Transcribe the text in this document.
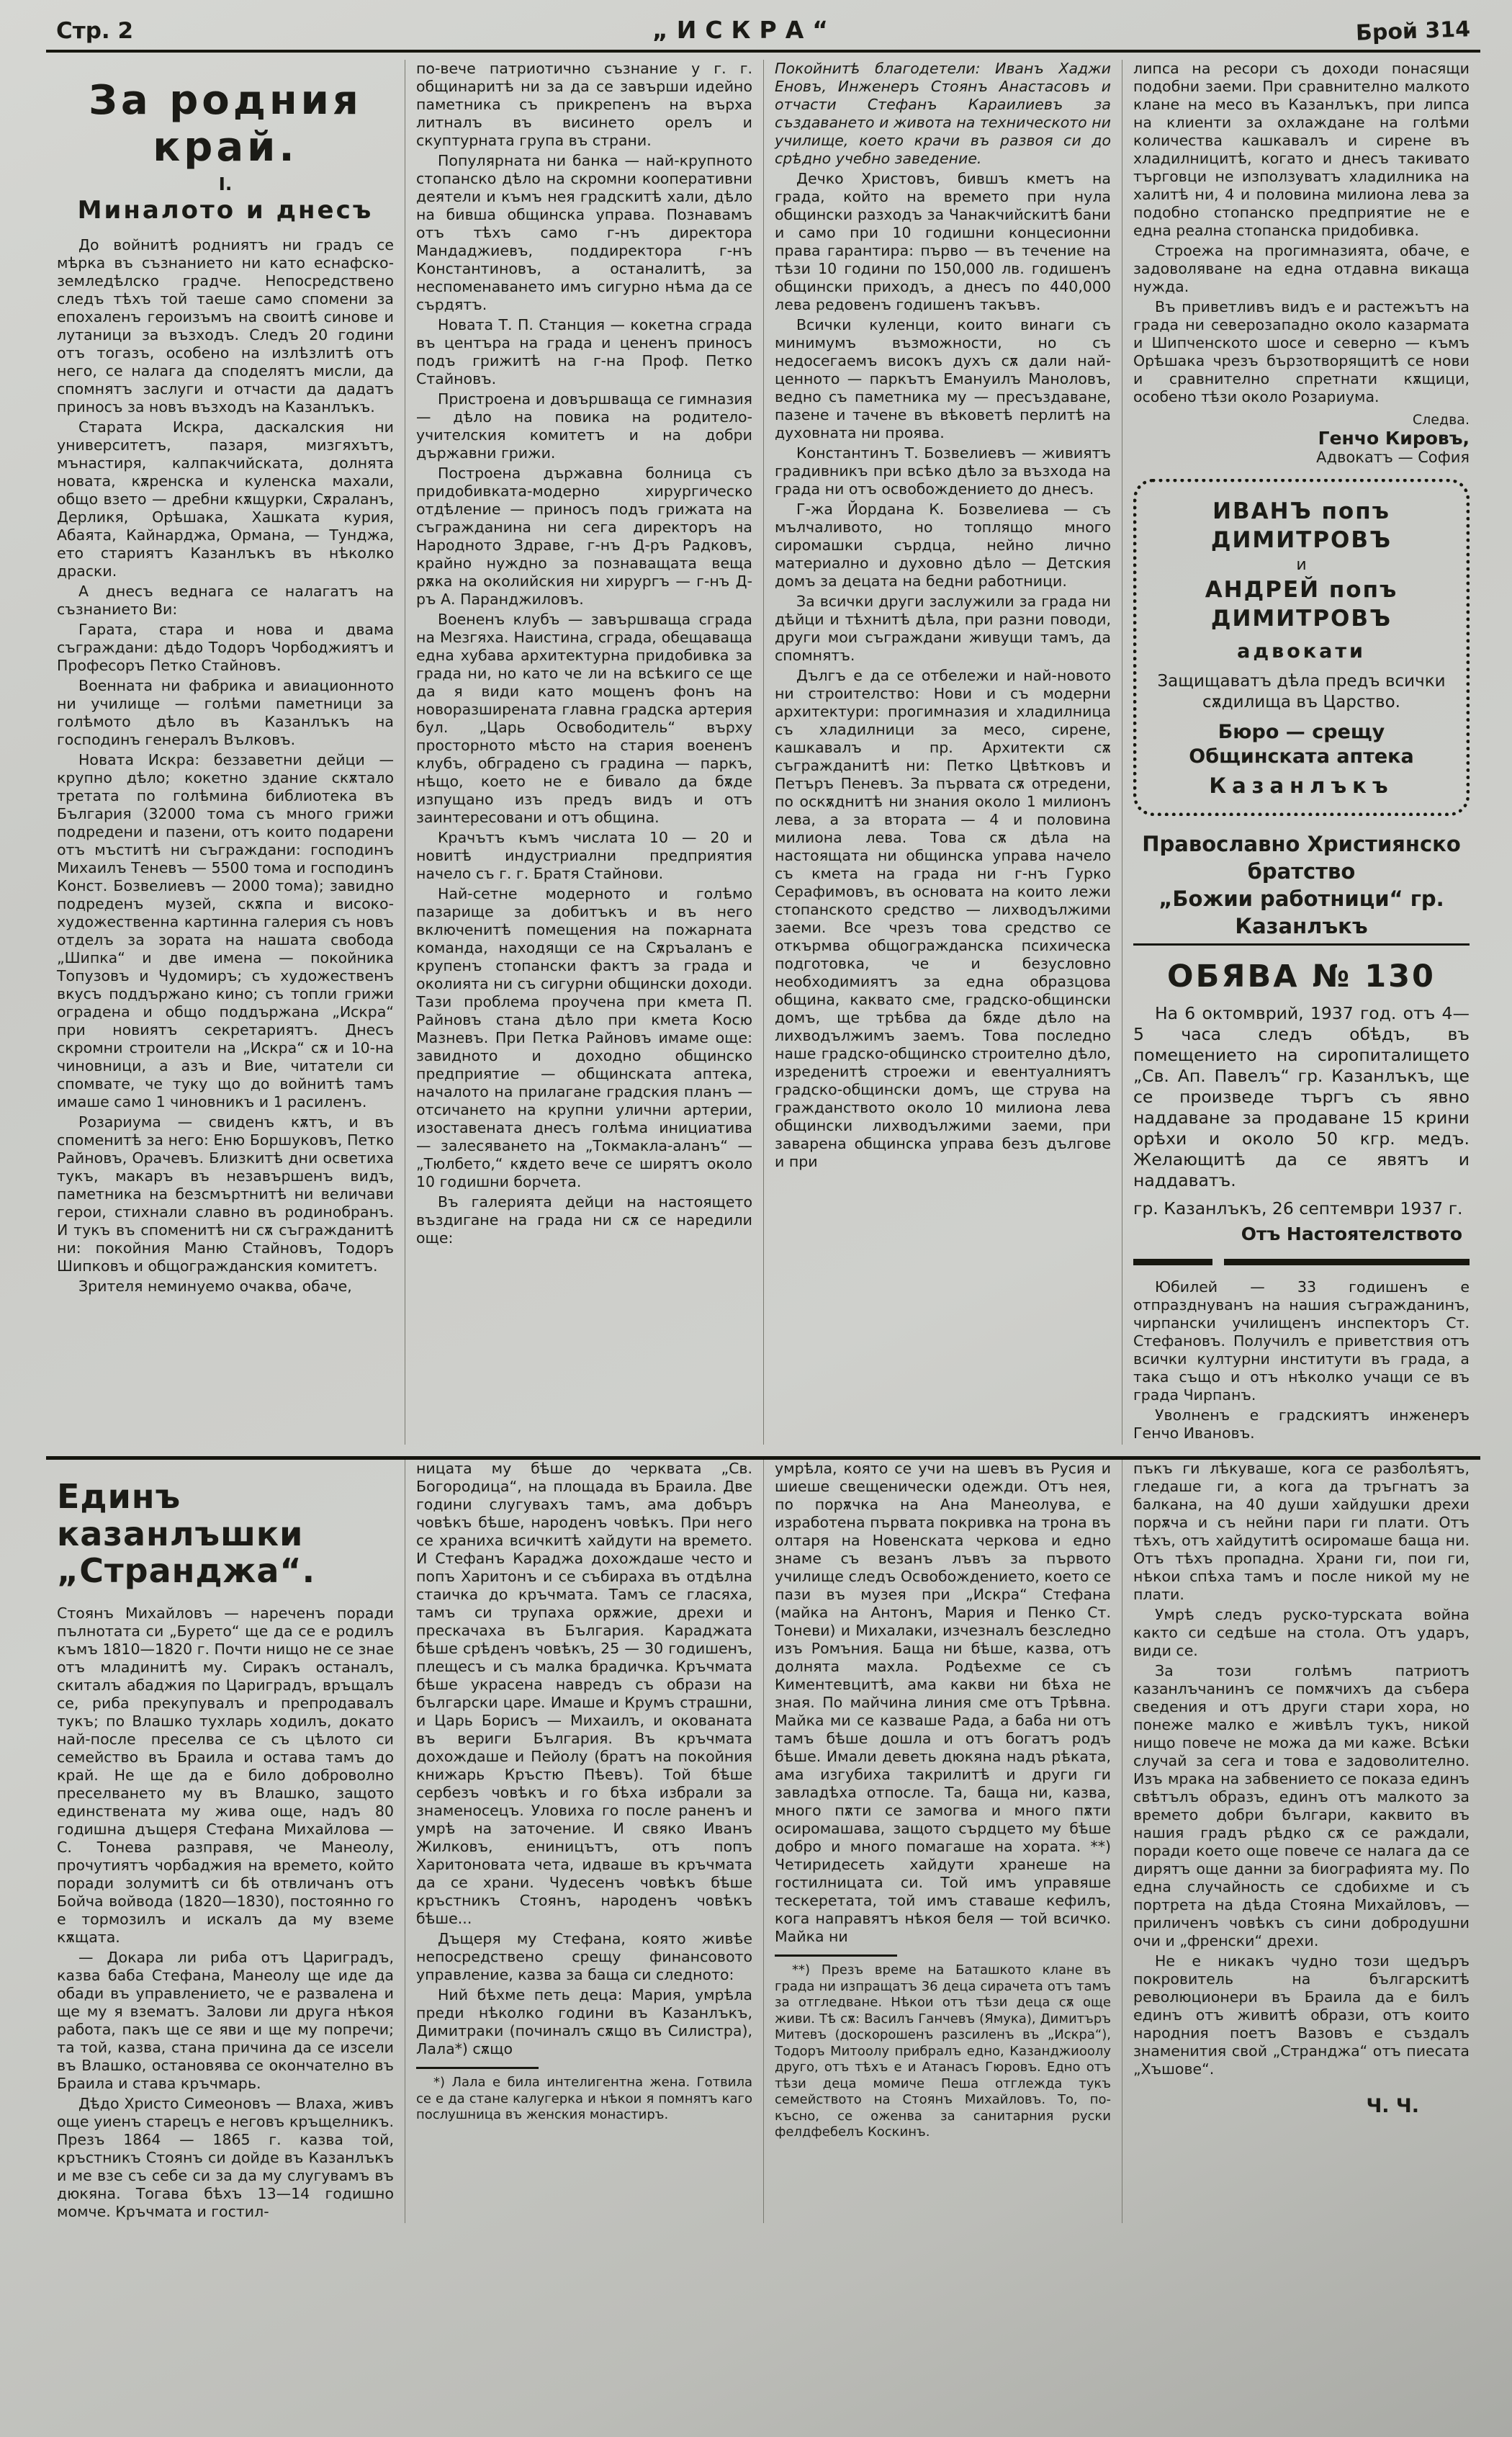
Стр. 2	„ИСКРА“	Брой 314
За родния край.
I.
Миналото и днесъ

До войнитѣ родниятъ ни градъ се мѣрка въ съзнанието ни като еснафско-земледѣлско градче. Непосредствено следъ тѣхъ той таеше само спомени за епохаленъ героизъмъ на своитѣ синове и лутаници за възходъ. Следъ 20 години отъ тогазъ, особено на излѣзлитѣ отъ него, се налага да споделятъ мисли, да спомнятъ заслуги и отчасти да дадатъ приносъ за новъ възходъ на Казанлъкъ.

Старата Искра, даскалския ни университетъ, пазаря, мизгяхътъ, мънастиря, калпакчийската, долнята новата, кѫренска и куленска махали, общо взето — дребни кѫщурки, Сѫраланъ, Дерликя, Орѣшака, Хашката курия, Абаята, Кайнарджа, Ормана, — Тунджа, ето стариятъ Казанлъкъ въ нѣколко драски.

А днесъ веднага се налагатъ на съзнанието Ви:

Гарата, стара и нова и двама съграждани: дѣдо Тодоръ Чорбоджиятъ и Професоръ Петко Стайновъ.

Военната ни фабрика и авиационното ни училище — голѣми паметници за голѣмото дѣло въ Казанлъкъ на господинъ генералъ Вълковъ.

Новата Искра: беззаветни дейци — крупно дѣло; кокетно здание скѫтало третата по голѣмина библиотека въ България (32000 тома съ много грижи подредени и пазени, отъ които подарени отъ мъститѣ ни съграждани: господинъ Михаилъ Теневъ — 5500 тома и господинъ Конст. Бозвелиевъ — 2000 тома); завидно подреденъ музей, скѫпа и високо-художественна картинна галерия съ новъ отделъ за зората на нашата свобода „Шипка“ и две имена — покойника Топузовъ и Чудомиръ; съ художественъ вкусъ поддържано кино; съ топли грижи оградена и общо поддържана „Искра“ при новиятъ секретариятъ. Днесъ скромни строители на „Искра“ сѫ и 10-на чиновници, а азъ и Вие, читатели си спомвате, че туку що до войнитѣ тамъ имаше само 1 чиновникъ и 1 расиленъ.

Розариума — свиденъ кѫтъ, и въ споменитѣ за него: Еню Боршуковъ, Петко Райновъ, Орачевъ. Близкитѣ дни осветиха тукъ, макаръ въ незавършенъ видъ, паметника на безсмъртнитѣ ни величави герои, стихнали славно въ родинобранъ. И тукъ въ споменитѣ ни сѫ съгражданитѣ ни: покойния Маню Стайновъ, Тодоръ Шипковъ и общогражданския комитетъ.

Зрителя неминуемо очаква, обаче,

по-вече патриотично съзнание у г. г. общинаритѣ ни за да се завърши идейно паметника съ прикрепенъ на върха литналъ въ висинето орелъ и скуптурната група въ страни.

Популярната ни банка — най-крупното стопанско дѣло на скромни кооперативни деятели и къмъ нея градскитѣ хали, дѣло на бивша общинска управа. Познавамъ отъ тѣхъ само г-нъ директора Мандаджиевъ, поддиректора г-нъ Константиновъ, а останалитѣ, за неспоменаването имъ сигурно нѣма да се сърдятъ.

Новата Т. П. Станция — кокетна сграда въ центъра на града и цененъ приносъ подъ грижитѣ на г-на Проф. Петко Стайновъ.

Пристроена и довършваща се гимназия — дѣло на повика на родитело-учителския комитетъ и на добри държавни грижи.

Построена държавна болница съ придобивката-модерно хирургическо отдѣление — приносъ подъ грижата на съгражданина ни сега директоръ на Народното Здраве, г-нъ Д-ръ Радковъ, крайно нуждно за познаващата веща рѫка на околийския ни хирургъ — г-нъ Д-ръ А. Паранджиловъ.

Воененъ клубъ — завършваща сграда на Мезгяха. Наистина, сграда, обещаваща една хубава архитектурна придобивка за града ни, но като че ли на всѣкиго се ще да я види като мощенъ фонъ на новоразширената главна градска артерия бул. „Царь Освободитель“ върху просторното мѣсто на стария воененъ клубъ, обградено съ градина — паркъ, нѣщо, което не е бивало да бѫде изпущано изъ предъ видъ и отъ заинтересовани и отъ община.

Крачътъ къмъ числата 10 — 20 и новитѣ индустриални предприятия начело съ г. г. Братя Стайнови.

Най-сетне модерното и голѣмо пазарище за добитъкъ и въ него включенитѣ помещения на пожарната команда, находящи се на Сѫръаланъ е крупенъ стопански фактъ за града и околията ни съ сигурни общински доходи. Тази проблема проучена при кмета П. Райновъ стана дѣло при кмета Косю Мазневъ. При Петка Райновъ имаме още: завидното и доходно общинско предприятие — общинската аптека, началото на прилагане градския планъ — отсичането на крупни улични артерии, изоставената днесъ голѣма инициатива — залесяването на „Токмакла-аланъ“ — „Тюлбето,“ кѫдето вече се ширятъ около 10 годишни борчета.

Въ галерията дейци на настоящето въздигане на града ни сѫ се наредили още:

Покойнитѣ благодетели: Иванъ Хаджи Еновъ, Инженеръ Стоянъ Анастасовъ и отчасти Стефанъ Караилиевъ за създаването и живота на техническото ни училище, което крачи въ развоя си до срѣдно учебно заведение.

Дечко Христовъ, бившъ кметъ на града, който на времето при нула общински разходъ за Чанакчийскитѣ бани и само при 10 годишни концесионни права гарантира: първо — въ течение на тѣзи 10 години по 150,000 лв. годишенъ общински приходъ, а днесъ по 440,000 лева редовенъ годишенъ такъвъ.

Всички куленци, които винаги съ минимумъ възможности, но съ недосегаемъ високъ духъ сѫ дали най-ценното — паркътъ Емануилъ Маноловъ, ведно съ паметника му — пресъздаване, пазене и тачене въ вѣковетѣ перлитѣ на духовната ни проява.

Константинъ Т. Бозвелиевъ — живиятъ градивникъ при всѣко дѣло за възхода на града ни отъ освобождението до днесъ.

Г-жа Йордана К. Бозвелиева — съ мълчаливото, но топлящо много сиромашки сърдца, нейно лично материално и духовно дѣло — Детския домъ за децата на бедни работници.

За всички други заслужили за града ни дѣйци и тѣхнитѣ дѣла, при разни поводи, други мои съграждани живущи тамъ, да спомнятъ.

Дългъ е да се отбележи и най-новото ни строителство: Нови и съ модерни архитектури: прогимназия и хладилница съ хладилници за месо, сирене, кашкавалъ и пр. Архитекти сѫ съгражданитѣ ни: Петко Цвѣтковъ и Петъръ Пеневъ. За първата сѫ отредени, по оскѫднитѣ ни знания около 1 милионъ лева, а за втората — 4 и половина милиона лева. Това сѫ дѣла на настоящата ни общинска управа начело съ кмета на града ни г-нъ Гурко Серафимовъ, въ основата на които лежи стопанското средство — лихводължими заеми. Все чрезъ това средство се откърмва общогражданска психическа подготовка, че и безусловно необходимиятъ за една образцова община, каквато сме, градско-общински домъ, ще трѣбва да бѫде дѣло на лихводължимъ заемъ. Това последно наше градско-общинско строително дѣло, изреденитѣ строежи и евентуалниятъ градско-общински домъ, ще струва на гражданството около 10 милиона лева общински лихводължими заеми, при заварена общинска управа безъ дългове и при

липса на ресори съ доходи понасящи подобни заеми. При сравнително малкото клане на месо въ Казанлъкъ, при липса на клиенти за охлаждане на голѣми количества кашкавалъ и сирене въ хладилницитѣ, когато и днесъ такивато търговци не използуватъ хладилника на халитѣ ни, 4 и половина милиона лева за подобно стопанско предприятие не е една реална стопанска придобивка.

Строежа на прогимназията, обаче, е задоволяване на една отдавна викаща нужда.

Въ приветливъ видъ е и растежътъ на града ни северозападно около казармата и Шипченското шосе и северно — къмъ Орѣшака чрезъ бързотворящитѣ се нови и сравнително спретнати кѫщици, особено тѣзи около Розариума.

Следва.

Генчо Кировъ,

Адвокатъ — София

ИВАНЪ попъ ДИМИТРОВЪ
и
АНДРЕЙ попъ ДИМИТРОВЪ
адвокати
Защищаватъ дѣла предъ всички сѫдилища въ Царство.
Бюро — срещу Общинската аптека
Казанлъкъ
Православно Християнско братство
„Божии работници“ гр. Казанлъкъ
ОБЯВА № 130

На 6 октомврий, 1937 год. отъ 4—5 часа следъ обѣдъ, въ помещението на сиропиталището „Св. Ап. Павелъ“ гр. Казанлъкъ, ще се произведе търгъ съ явно наддаване за продаване 15 крини орѣхи и около 50 кгр. медъ. Желающитѣ да се явятъ и наддаватъ.

гр. Казанлъкъ, 26 септември 1937 г.

Отъ Настоятелството

Юбилей — 33 годишенъ е отпразднуванъ на нашия съгражданинъ, чирпански училищенъ инспекторъ Ст. Стефановъ. Получилъ е приветствия отъ всички културни институти въ града, а така също и отъ нѣколко учащи се въ града Чирпанъ.

Уволненъ е градскиятъ инженеръ Генчо Ивановъ.

Единъ казанлъшки
„Странджа“.

Стоянъ Михайловъ — нареченъ поради пълнотата си „Бурето“ ще да се е родилъ къмъ 1810—1820 г. Почти нищо не се знае отъ младинитѣ му. Сиракъ останалъ, скиталъ абаджия по Цариградъ, връщалъ се, риба прекупувалъ и препродавалъ тукъ; по Влашко тухларь ходилъ, докато най-после преселва се съ цѣлото си семейство въ Браила и остава тамъ до край. Не ще да е било доброволно преселването му въ Влашко, защото единствената му жива още, надъ 80 годишна дъщеря Стефана Михайлова — С. Тонева разправя, че Манеолу, прочутиятъ чорбаджия на времето, който поради золумитѣ си бѣ отвличанъ отъ Бойча войвода (1820—1830), постоянно го е тормозилъ и искалъ да му вземе кѫщата.

— Докара ли риба отъ Цариградъ, казва баба Стефана, Манеолу ще иде да обади въ управлението, че е развалена и ще му я взематъ. Залови ли друга нѣкоя работа, пакъ ще се яви и ще му попречи; та той, казва, стана причина да се изсели въ Влашко, остановява се окончателно въ Браила и става кръчмарь.

Дѣдо Христо Симеоновъ — Влаха, живъ още уиенъ старецъ е неговъ кръщелникъ. Презъ 1864 — 1865 г. казва той, кръстникъ Стоянъ си дойде въ Казанлъкъ и ме взе съ себе си за да му слугувамъ въ дюкяна. Тогава бѣхъ 13—14 годишно момче. Кръчмата и гостил-

ницата му бѣше до черквата „Св. Богородица“, на площада въ Браила. Две години слугувахъ тамъ, ама добъръ човѣкъ бѣше, народенъ човѣкъ. При него се храниха всичкитѣ хайдути на времето. И Стефанъ Караджа дохождаше често и попъ Харитонъ и се събираха въ отдѣлна стаичка до кръчмата. Тамъ се гласяха, тамъ си трупаха орѫжие, дрехи и прескачаха въ България. Караджата бѣше срѣденъ човѣкъ, 25 — 30 годишенъ, плещесъ и съ малка брадичка. Кръчмата бѣше украсена навредъ съ образи на български царе. Имаше и Крумъ страшни, и Царь Борисъ — Михаилъ, и окованата въ вериги България. Въ кръчмата дохождаше и Пейолу (братъ на покойния книжарь Кръстю Пѣевъ). Той бѣше сербезъ човѣкъ и го бѣха избрали за знаменосецъ. Уловиха го после раненъ и умрѣ на заточение. И свяко Иванъ Жилковъ, ениницътъ, отъ попъ Харитоновата чета, идваше въ кръчмата да се храни. Чудесенъ човѣкъ бѣше кръстникъ Стоянъ, народенъ човѣкъ бѣше...

Дъщеря му Стефана, която живѣе непосредствено срещу финансовото управление, казва за баща си следното:

Ний бѣхме петь деца: Мария, умрѣла преди нѣколко години въ Казанлъкъ, Димитраки (починалъ сѫщо въ Силистра), Лала*) сѫщо

*) Лала е била интелигентна жена. Готвила се е да стане калугерка и нѣкои я помнятъ каго послушница въ женския монастиръ.

умрѣла, която се учи на шевъ въ Русия и шиеше свещенически одежди. Отъ нея, по порѫчка на Ана Манеолува, е изработена първата покривка на трона въ олтаря на Новенската черкова и едно знаме съ везанъ лъвъ за първото училище следъ Освобождението, което се пази въ музея при „Искра“ Стефана (майка на Антонъ, Мария и Пенко Ст. Тоневи) и Михалаки, изчезналъ безследно изъ Ромъния. Баща ни бѣше, казва, отъ долнята махла. Родѣехме се съ Киментевцитѣ, ама какви ни бѣха не зная. По майчина линия сме отъ Трѣвна. Майка ми се казваше Рада, а баба ни отъ тамъ бѣше дошла и отъ богатъ родъ бѣше. Имали деветь дюкяна надъ рѣката, ама изгубиха такрилитѣ и други ги завладѣха отпосле. Та, баща ни, казва, много пѫти се замогва и много пѫти осиромашава, защото сърдцето му бѣше добро и много помагаше на хората. **) Четиридесеть хайдути хранеше на гостилницата си. Той имъ управяше тескеретата, той имъ ставаше кефилъ, кога направятъ нѣкоя беля — той всичко. Майка ни

**) Презъ време на Баташкото клане въ града ни изпращатъ 36 деца сирачета отъ тамъ за отгледване. Нѣкои отъ тѣзи деца сѫ още живи. Тѣ сѫ: Василъ Ганчевъ (Ямука), Димитъръ Митевъ (доскорошенъ разсиленъ въ „Искра“), Тодоръ Митоолу прибралъ едно, Казанджиоолу друго, отъ тѣхъ е и Атанасъ Гюровъ. Едно отъ тѣзи деца момиче Пеша отглежда тукъ семейството на Стоянъ Михайловъ. То, по-късно, се оженва за санитарния руски фелдфебелъ Коскинъ.

пъкъ ги лѣкуваше, кога се разболѣятъ, гледаше ги, а кога да тръгнатъ за балкана, на 40 души хайдушки дрехи порѫча и съ нейни пари ги плати. Отъ тѣхъ, отъ хайдутитѣ осиромаше баща ни. Отъ тѣхъ пропадна. Храни ги, пои ги, нѣкои спѣха тамъ и после никой му не плати.

Умрѣ следъ руско-турската война както си седѣше на стола. Отъ ударъ, види се.

За този голѣмъ патриотъ казанлъчанинъ се помѫчихъ да събера сведения и отъ други стари хора, но понеже малко е живѣлъ тукъ, никой нищо повече не можа да ми каже. Всѣки случай за сега и това е задоволително. Изъ мрака на забвението се показа единъ свѣтълъ образъ, единъ отъ малкото за времето добри българи, каквито въ нашия градъ рѣдко сѫ се раждали, поради което още повече се налага да се дирятъ още данни за биографията му. По една случайность се сдобихме и съ портрета на дѣда Стояна Михайловъ, — приличенъ човѣкъ съ сини добродушни очи и „френски“ дрехи.

Не е никакъ чудно този щедъръ покровитель на българскитѣ революционери въ Браила да е билъ единъ отъ живитѣ образи, отъ които народния поетъ Вазовъ е създалъ знаменития свой „Странджа“ отъ пиесата „Хъшове“.

Ч. Ч.
